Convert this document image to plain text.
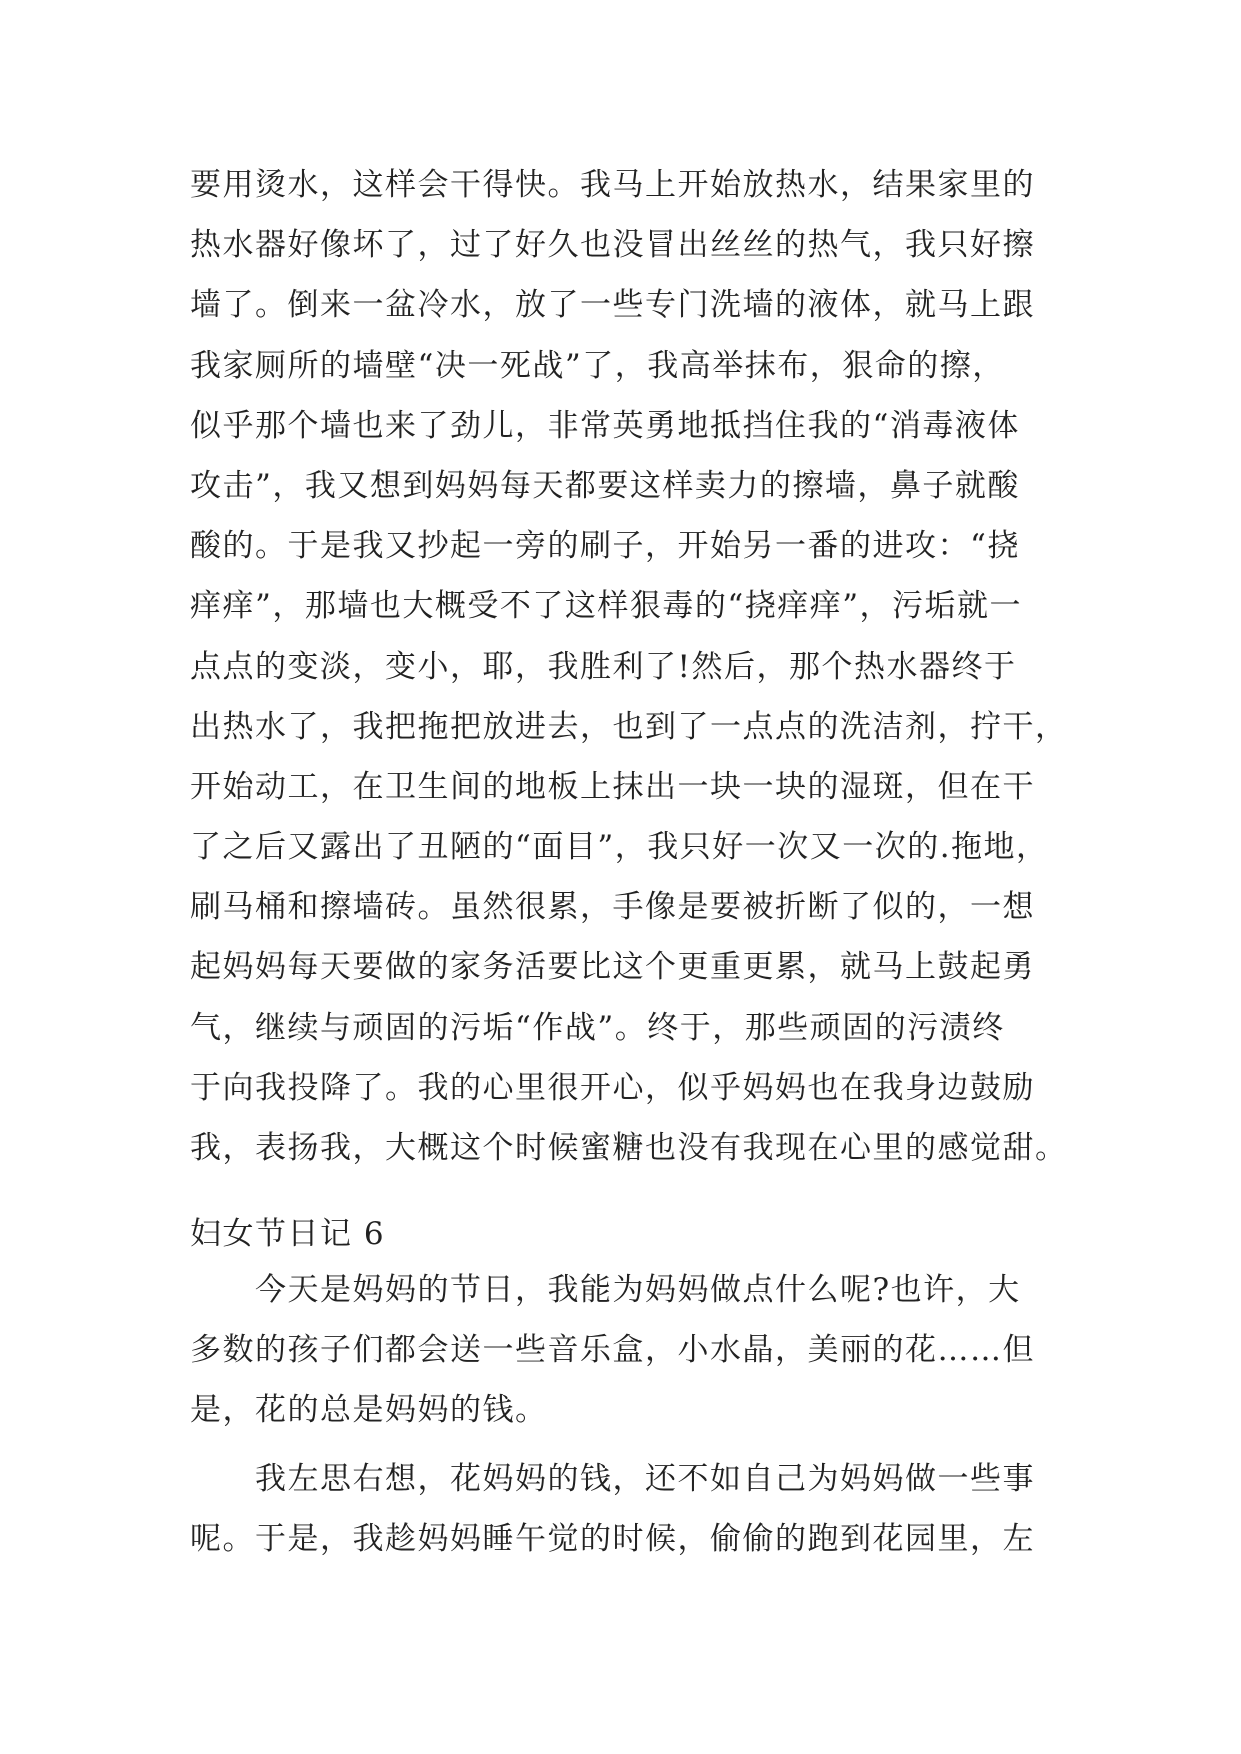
要用烫水，这样会干得快。我马上开始放热水，结果家里的
热水器好像坏了，过了好久也没冒出丝丝的热气，我只好擦
墙了。倒来一盆冷水，放了一些专门洗墙的液体，就马上跟
我家厕所的墙壁“决一死战”了，我高举抹布，狠命的擦，
似乎那个墙也来了劲儿，非常英勇地抵挡住我的“消毒液体
攻击”，我又想到妈妈每天都要这样卖力的擦墙，鼻子就酸
酸的。于是我又抄起一旁的刷子，开始另一番的进攻：“挠
痒痒”，那墙也大概受不了这样狠毒的“挠痒痒”，污垢就一
点点的变淡，变小，耶，我胜利了!然后，那个热水器终于
出热水了，我把拖把放进去，也到了一点点的洗洁剂，拧干，
开始动工，在卫生间的地板上抹出一块一块的湿斑，但在干
了之后又露出了丑陋的“面目”，我只好一次又一次的.拖地，
刷马桶和擦墙砖。虽然很累，手像是要被折断了似的，一想
起妈妈每天要做的家务活要比这个更重更累，就马上鼓起勇
气，继续与顽固的污垢“作战”。终于，那些顽固的污渍终
于向我投降了。我的心里很开心，似乎妈妈也在我身边鼓励
我，表扬我，大概这个时候蜜糖也没有我现在心里的感觉甜。
妇女节日记 6
　　今天是妈妈的节日，我能为妈妈做点什么呢?也许，大
多数的孩子们都会送一些音乐盒，小水晶，美丽的花……但
是，花的总是妈妈的钱。
　　我左思右想，花妈妈的钱，还不如自己为妈妈做一些事
呢。于是，我趁妈妈睡午觉的时候，偷偷的跑到花园里，左
